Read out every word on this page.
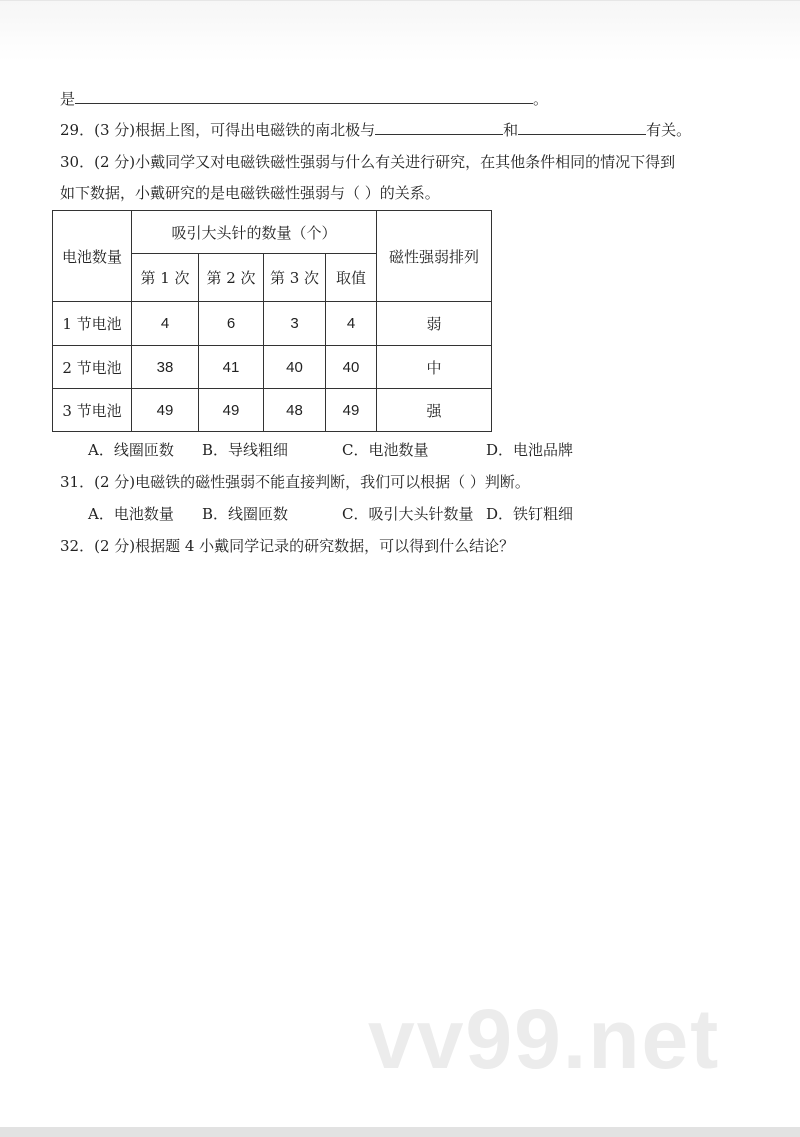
是	。
29．(3 分)根据上图，可得出电磁铁的南北极与	和	有关。
30．(2 分)小戴同学又对电磁铁磁性强弱与什么有关进行研究，在其他条件相同的情况下得到
如下数据，小戴研究的是电磁铁磁性强弱与（ ）的关系。
电池数量	吸引大头针的数量（个）				磁性强弱排列
	第 1 次	第 2 次	第 3 次	取值	
1 节电池	4	6	3	4	弱
2 节电池	38	41	40	40	中
3 节电池	49	49	48	49	强
A．线圈匝数 B．导线粗细	C．电池数量	D．电池品牌
31．(2 分)电磁铁的磁性强弱不能直接判断，我们可以根据（ ）判断。
A．电池数量 B．线圈匝数	C．吸引大头针数量 D．铁钉粗细
32．(2 分)根据题 4 小戴同学记录的研究数据，可以得到什么结论？
vv99.net
